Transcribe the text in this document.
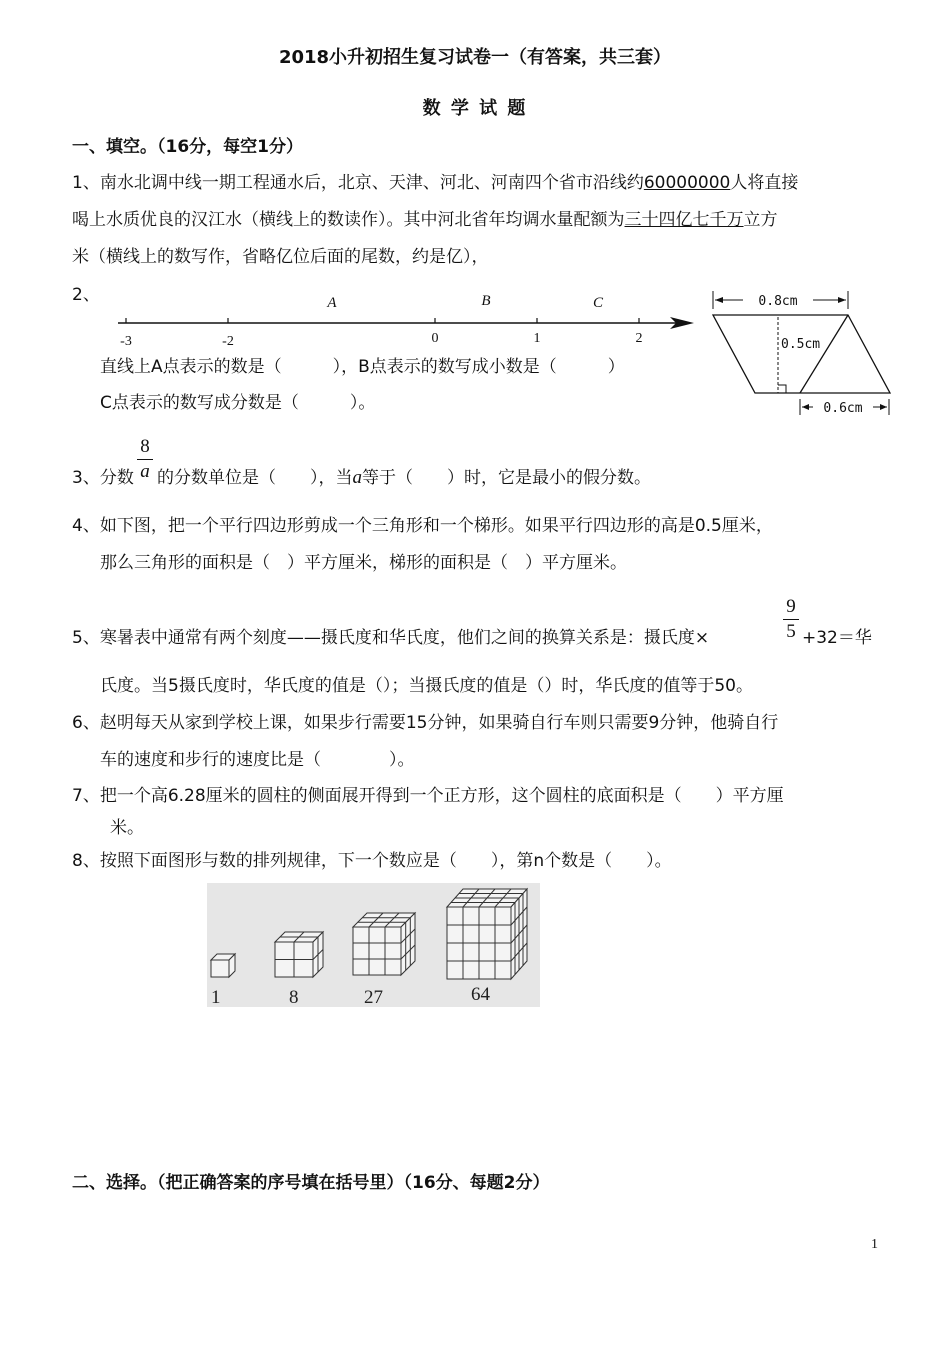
2018小升初招生复习试卷一（有答案，共三套）
数 学 试 题
一、填空。（16分，每空1分）
1、南水北调中线一期工程通水后，北京、天津、河北、河南四个省市沿线约60000000人将直接
喝上水质优良的汉江水（横线上的数读作）。其中河北省年均调水量配额为三十四亿七千万立方
米（横线上的数写作，省略亿位后面的尾数，约是亿），
2、
-3	-2	0	1	2
A	B	C
直线上A点表示的数是（　　　），B点表示的数写成小数是（　　　）
C点表示的数写成分数是（　　　）。
0.8cm
0.5cm
0.6cm
8
a
3、分数 的分数单位是（　　），当a等于（　　）时，它是最小的假分数。
4、如下图，把一个平行四边形剪成一个三角形和一个梯形。如果平行四边形的高是0.5厘米，
那么三角形的面积是（　）平方厘米，梯形的面积是（　）平方厘米。
5、寒暑表中通常有两个刻度——摄氏度和华氏度，他们之间的换算关系是：摄氏度×
9
5 +32＝华
氏度。当5摄氏度时，华氏度的值是（）；当摄氏度的值是（）时，华氏度的值等于50。
6、赵明每天从家到学校上课，如果步行需要15分钟，如果骑自行车则只需要9分钟，他骑自行
车的速度和步行的速度比是（　　　　）。
7、把一个高6.28厘米的圆柱的侧面展开得到一个正方形，这个圆柱的底面积是（　　）平方厘
米。
8、按照下面图形与数的排列规律，下一个数应是（　　），第n个数是（　　）。
1	8	27	64
二、选择。（把正确答案的序号填在括号里）（16分、每题2分）
1
